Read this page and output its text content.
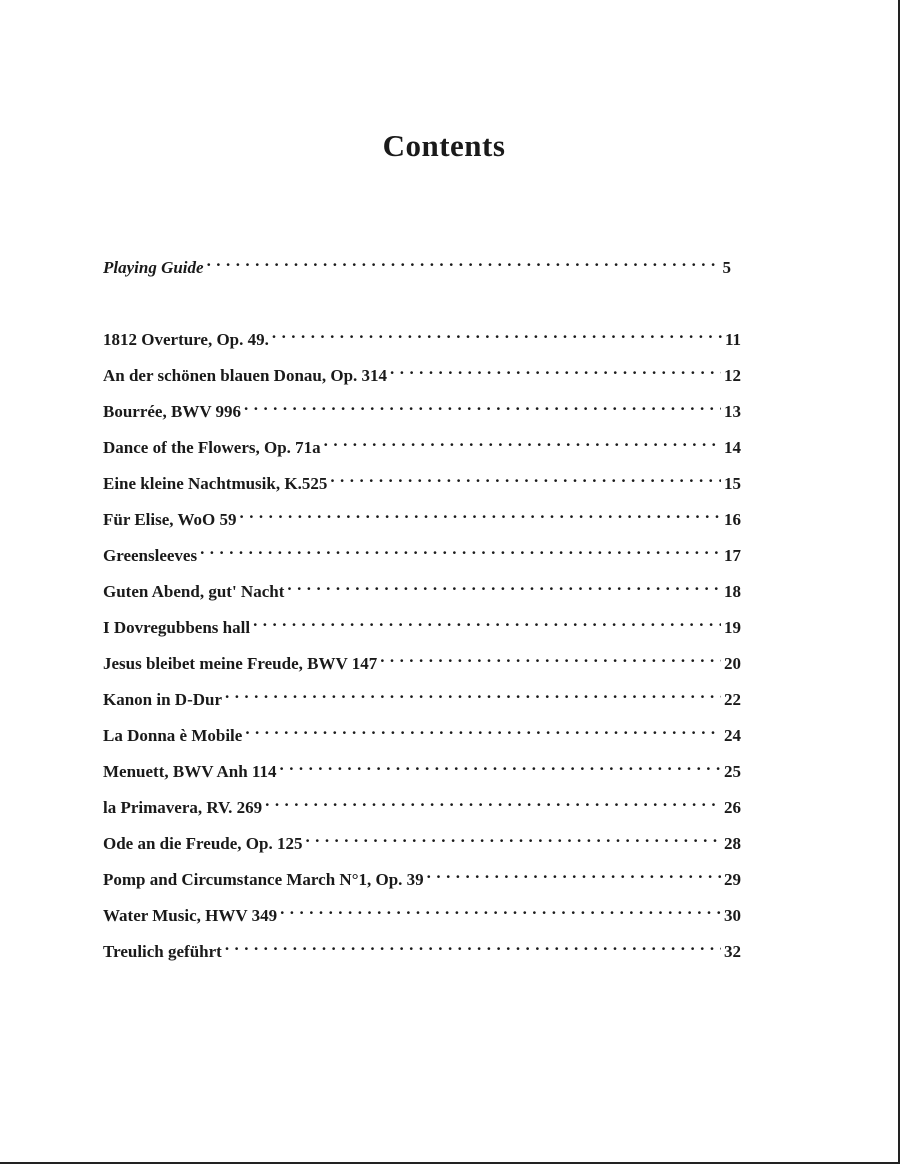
Contents
Playing Guide . . .	5
1812 Overture, Op. 49. . . .	11
An der schönen blauen Donau, Op. 314 . . .	12
Bourrée, BWV 996 . . .	13
Dance of the Flowers, Op. 71a . . .	14
Eine kleine Nachtmusik, K.525 . . .	15
Für Elise, WoO 59 . . .	16
Greensleeves . . .	17
Guten Abend, gut' Nacht . . .	18
I Dovregubbens hall . . .	19
Jesus bleibet meine Freude, BWV 147 . . .	20
Kanon in D-Dur . . .	22
La Donna è Mobile . . .	24
Menuett, BWV Anh 114 . . .	25
la Primavera, RV. 269 . . .	26
Ode an die Freude, Op. 125 . . .	28
Pomp and Circumstance March N°1, Op. 39 . . .	29
Water Music, HWV 349 . . .	30
Treulich geführt . . .	32
